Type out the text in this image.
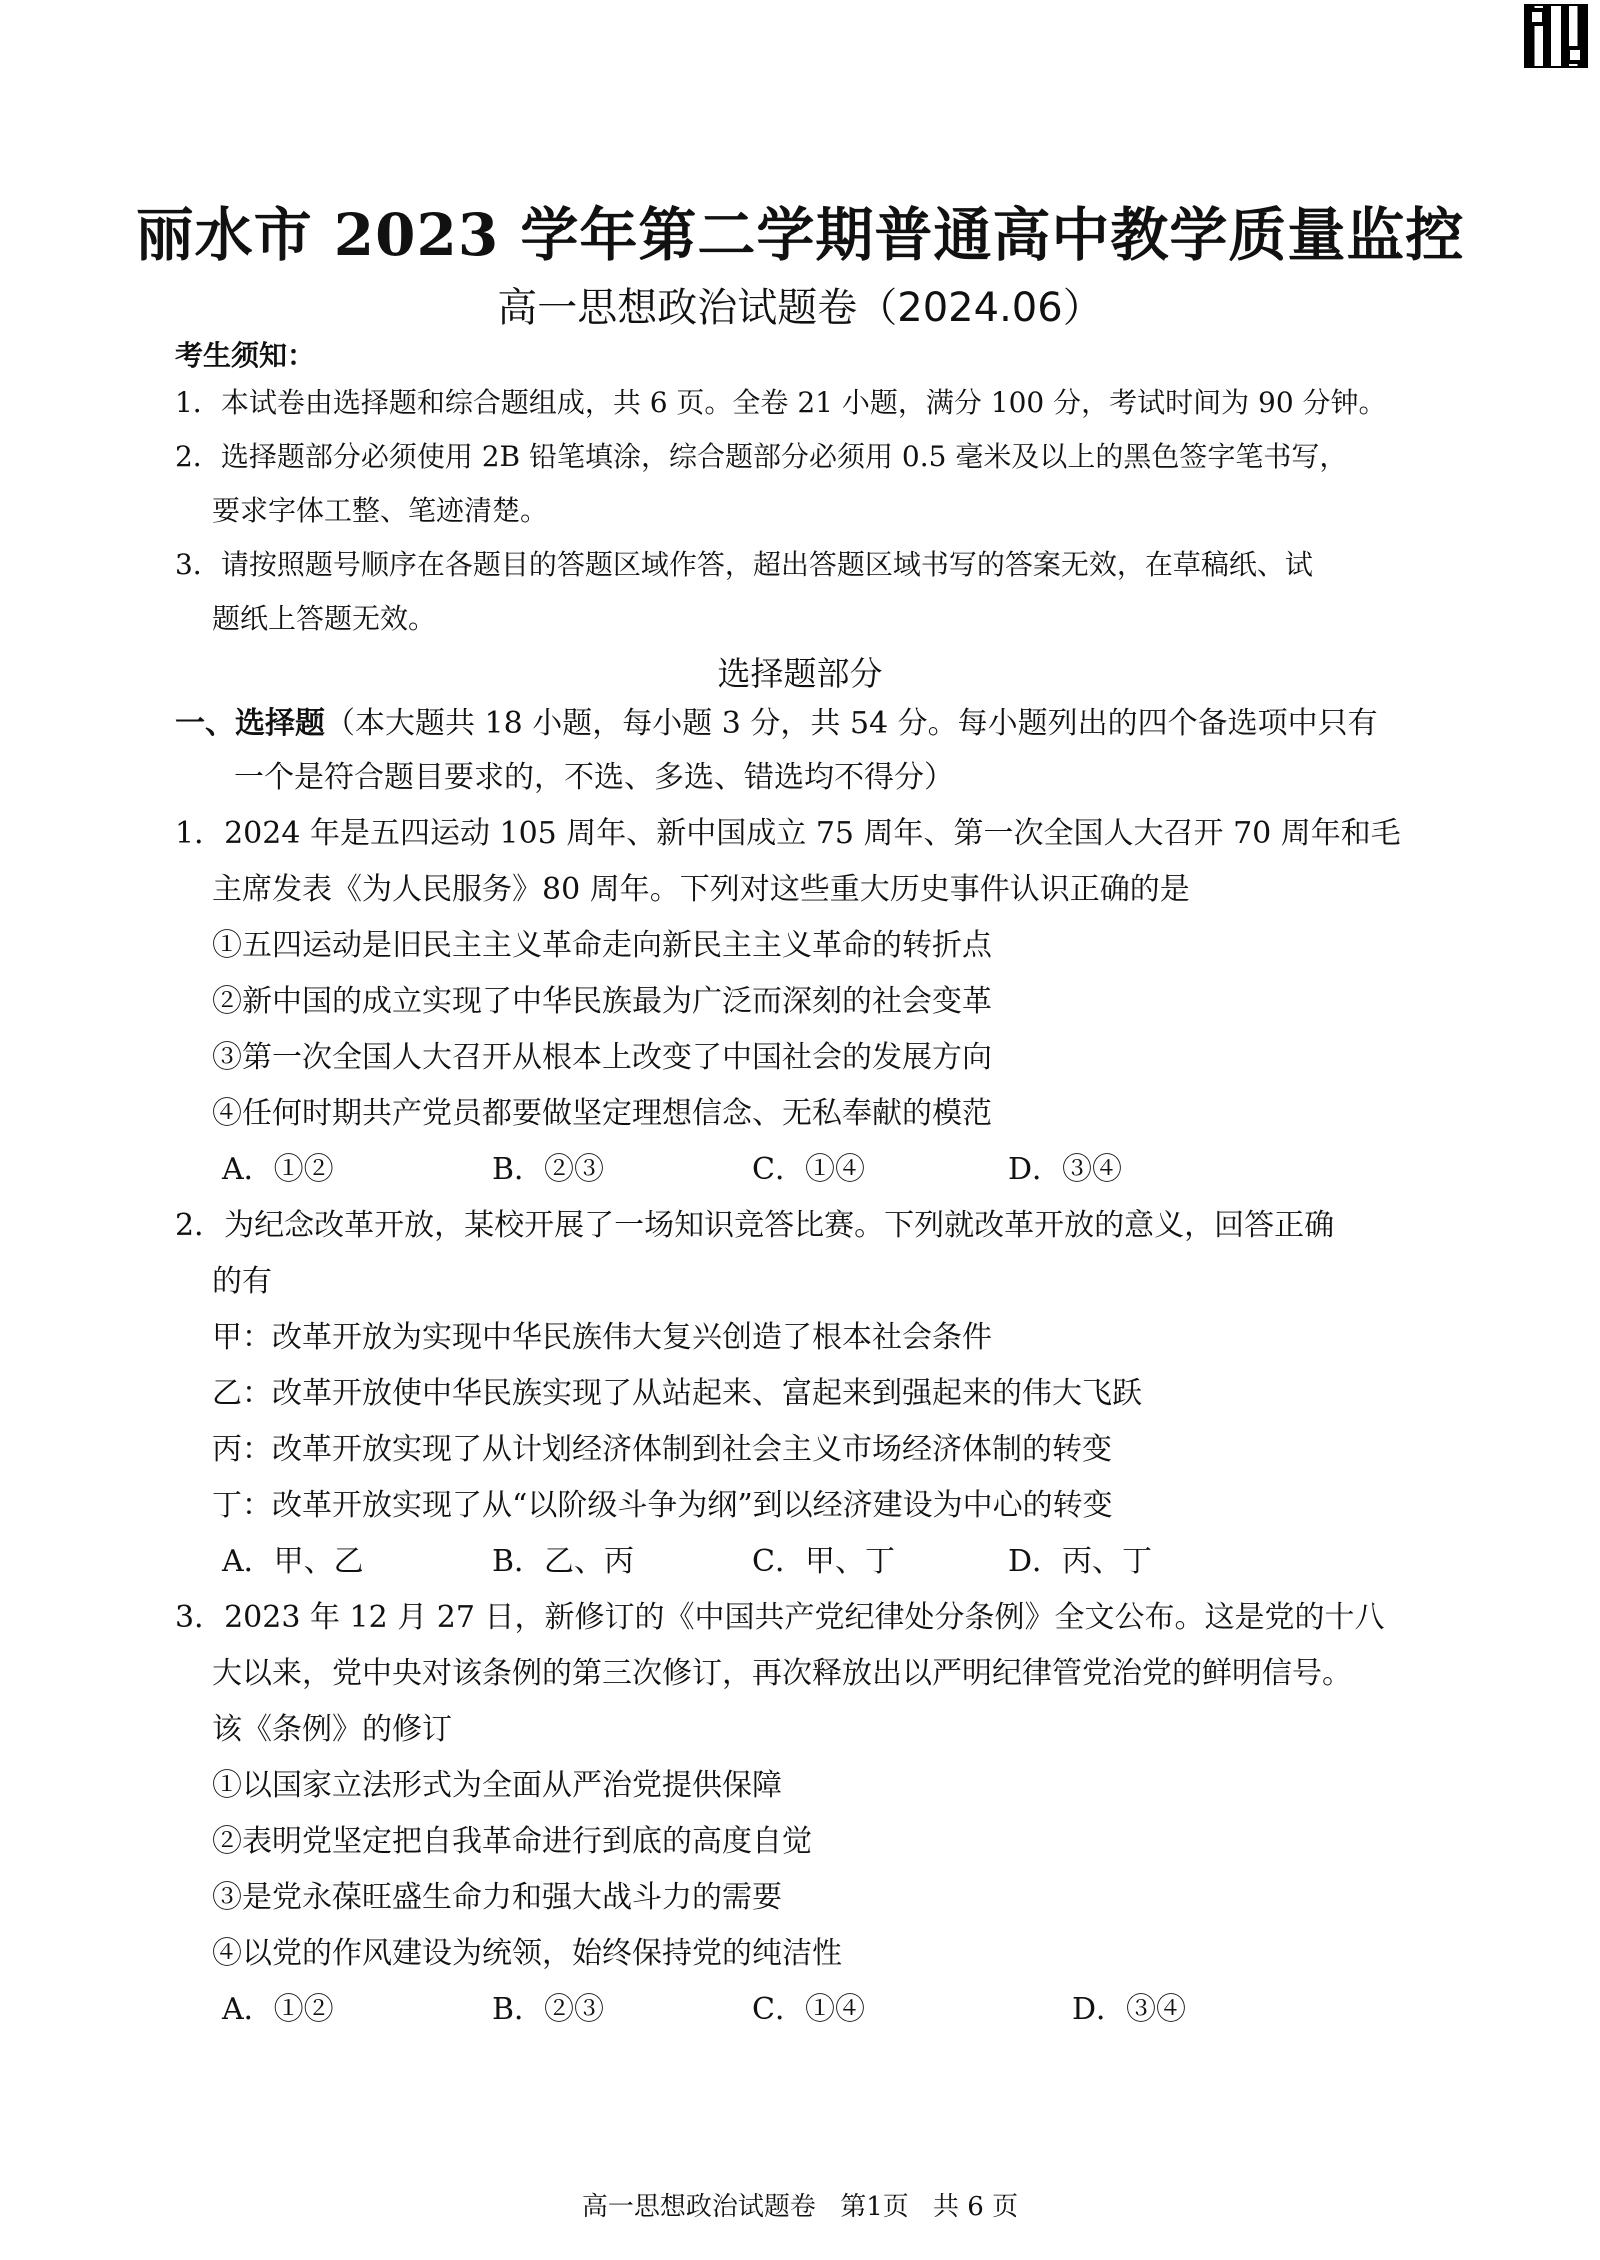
丽水市 2023 学年第二学期普通高中教学质量监控
高一思想政治试题卷（2024.06）
考生须知：
1．本试卷由选择题和综合题组成，共 6 页。全卷 21 小题，满分 100 分，考试时间为 90 分钟。
2．选择题部分必须使用 2B 铅笔填涂，综合题部分必须用 0.5 毫米及以上的黑色签字笔书写，
要求字体工整、笔迹清楚。
3．请按照题号顺序在各题目的答题区域作答，超出答题区域书写的答案无效，在草稿纸、试
题纸上答题无效。
选择题部分
一、选择题（本大题共 18 小题，每小题 3 分，共 54 分。每小题列出的四个备选项中只有
一个是符合题目要求的，不选、多选、错选均不得分）
1．2024 年是五四运动 105 周年、新中国成立 75 周年、第一次全国人大召开 70 周年和毛
主席发表《为人民服务》80 周年。下列对这些重大历史事件认识正确的是
①五四运动是旧民主主义革命走向新民主主义革命的转折点
②新中国的成立实现了中华民族最为广泛而深刻的社会变革
③第一次全国人大召开从根本上改变了中国社会的发展方向
④任何时期共产党员都要做坚定理想信念、无私奉献的模范
A．①②	B．②③	C．①④	D．③④
2．为纪念改革开放，某校开展了一场知识竞答比赛。下列就改革开放的意义，回答正确
的有
甲：改革开放为实现中华民族伟大复兴创造了根本社会条件
乙：改革开放使中华民族实现了从站起来、富起来到强起来的伟大飞跃
丙：改革开放实现了从计划经济体制到社会主义市场经济体制的转变
丁：改革开放实现了从“以阶级斗争为纲”到以经济建设为中心的转变
A．甲、乙	B．乙、丙	C．甲、丁	D．丙、丁
3．2023 年 12 月 27 日，新修订的《中国共产党纪律处分条例》全文公布。这是党的十八
大以来，党中央对该条例的第三次修订，再次释放出以严明纪律管党治党的鲜明信号。
该《条例》的修订
①以国家立法形式为全面从严治党提供保障
②表明党坚定把自我革命进行到底的高度自觉
③是党永葆旺盛生命力和强大战斗力的需要
④以党的作风建设为统领，始终保持党的纯洁性
A．①②	B．②③	C．①④	D．③④
高一思想政治试题卷 第1页 共 6 页
